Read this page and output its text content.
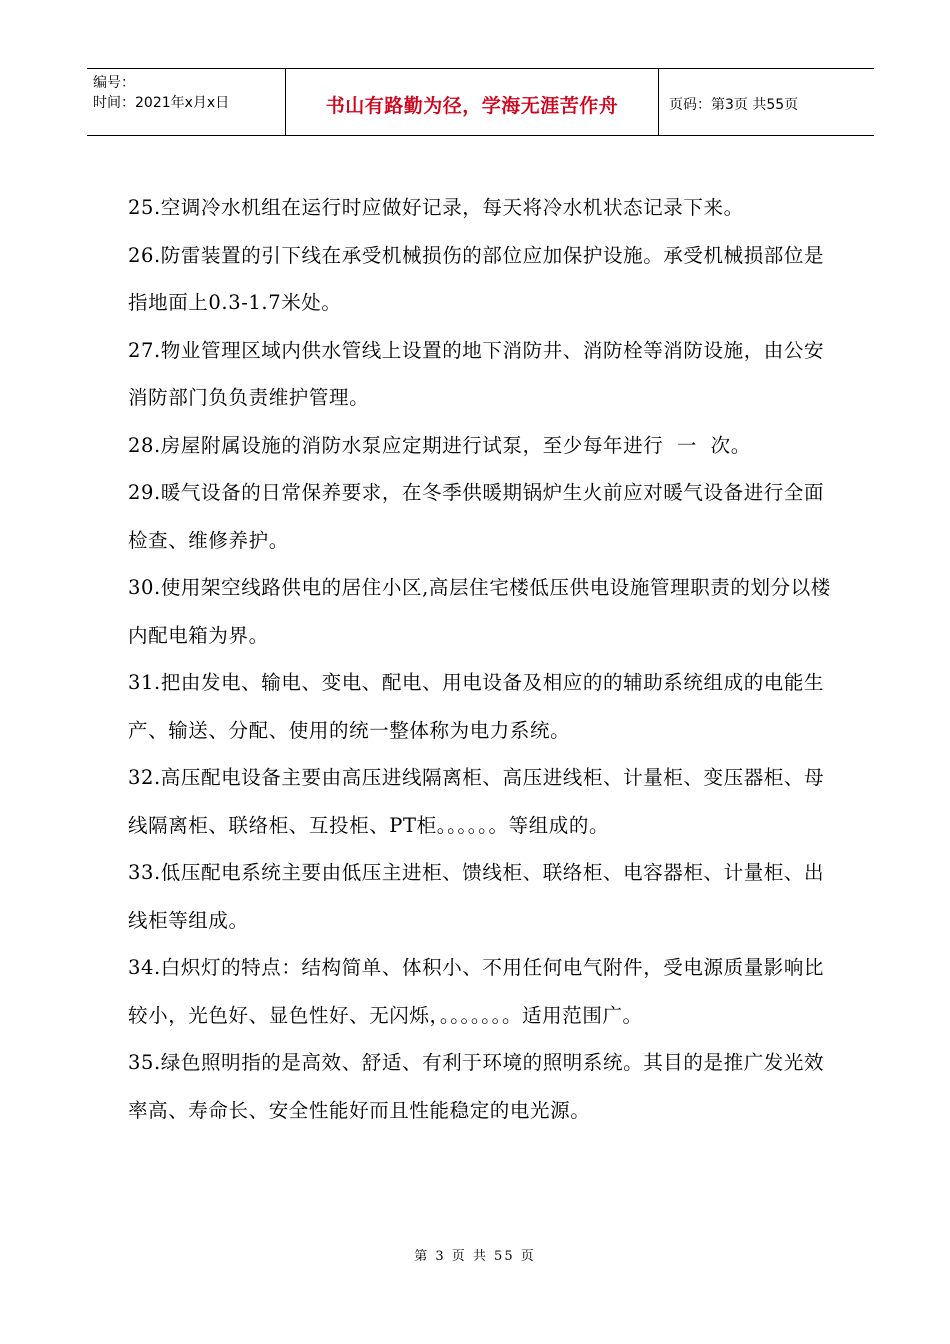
编号：
时间：2021年x月x日	书山有路勤为径，学海无涯苦作舟	页码：第3页 共55页
25.空调冷水机组在运行时应做好记录，每天将冷水机状态记录下来。
26.防雷装置的引下线在承受机械损伤的部位应加保护设施。承受机械损部位是指地面上0.3-1.7米处。
27.物业管理区域内供水管线上设置的地下消防井、消防栓等消防设施，由公安消防部门负负责维护管理。
28.房屋附属设施的消防水泵应定期进行试泵，至少每年进行  一  次。
29.暖气设备的日常保养要求，在冬季供暖期锅炉生火前应对暖气设备进行全面检查、维修养护。
30.使用架空线路供电的居住小区,高层住宅楼低压供电设施管理职责的划分以楼内配电箱为界。
31.把由发电、输电、变电、配电、用电设备及相应的的辅助系统组成的电能生产、输送、分配、使用的统一整体称为电力系统。
32.高压配电设备主要由高压进线隔离柜、高压进线柜、计量柜、变压器柜、母线隔离柜、联络柜、互投柜、PT柜。。。。。。等组成的。
33.低压配电系统主要由低压主进柜、馈线柜、联络柜、电容器柜、计量柜、出线柜等组成。
34.白炽灯的特点：结构简单、体积小、不用任何电气附件，受电源质量影响比较小，光色好、显色性好、无闪烁，。。。。。。。适用范围广。
35.绿色照明指的是高效、舒适、有利于环境的照明系统。其目的是推广发光效率高、寿命长、安全性能好而且性能稳定的电光源。
第 3 页 共 55 页
